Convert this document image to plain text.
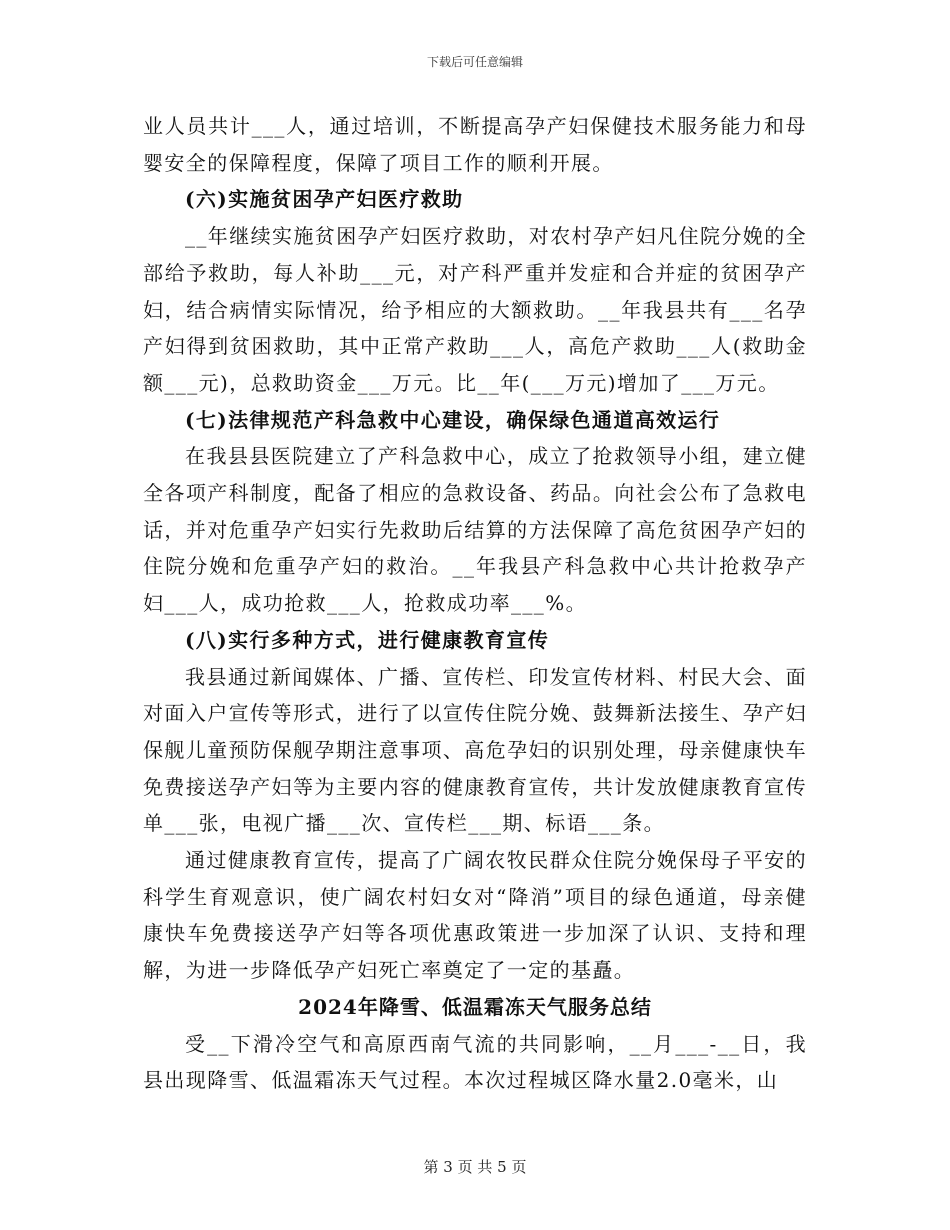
下载后可任意编辑

业人员共计___人，通过培训，不断提高孕产妇保健技术服务能力和母婴安全的保障程度，保障了项目工作的顺利开展。

(六)实施贫困孕产妇医疗救助

__年继续实施贫困孕产妇医疗救助，对农村孕产妇凡住院分娩的全部给予救助，每人补助___元，对产科严重并发症和合并症的贫困孕产妇，结合病情实际情况，给予相应的大额救助。__年我县共有___名孕产妇得到贫困救助，其中正常产救助___人，高危产救助___人(救助金额___元)，总救助资金___万元。比__年(___万元)增加了___万元。

(七)法律规范产科急救中心建设，确保绿色通道高效运行

在我县县医院建立了产科急救中心，成立了抢救领导小组，建立健全各项产科制度，配备了相应的急救设备、药品。向社会公布了急救电话，并对危重孕产妇实行先救助后结算的方法保障了高危贫困孕产妇的住院分娩和危重孕产妇的救治。__年我县产科急救中心共计抢救孕产妇___人，成功抢救___人，抢救成功率___%。

(八)实行多种方式，进行健康教育宣传

我县通过新闻媒体、广播、宣传栏、印发宣传材料、村民大会、面对面入户宣传等形式，进行了以宣传住院分娩、鼓舞新法接生、孕产妇保舰儿童预防保舰孕期注意事项、高危孕妇的识别处理，母亲健康快车免费接送孕产妇等为主要内容的健康教育宣传，共计发放健康教育宣传单___张，电视广播___次、宣传栏___期、标语___条。

通过健康教育宣传，提高了广阔农牧民群众住院分娩保母子平安的科学生育观意识，使广阔农村妇女对“降消”项目的绿色通道，母亲健康快车免费接送孕产妇等各项优惠政策进一步加深了认识、支持和理解，为进一步降低孕产妇死亡率奠定了一定的基矗。

2024年降雪、低温霜冻天气服务总结

受__下滑冷空气和高原西南气流的共同影响，__月___-__日，我县出现降雪、低温霜冻天气过程。本次过程城区降水量2.0毫米，山

第 3 页 共 5 页
